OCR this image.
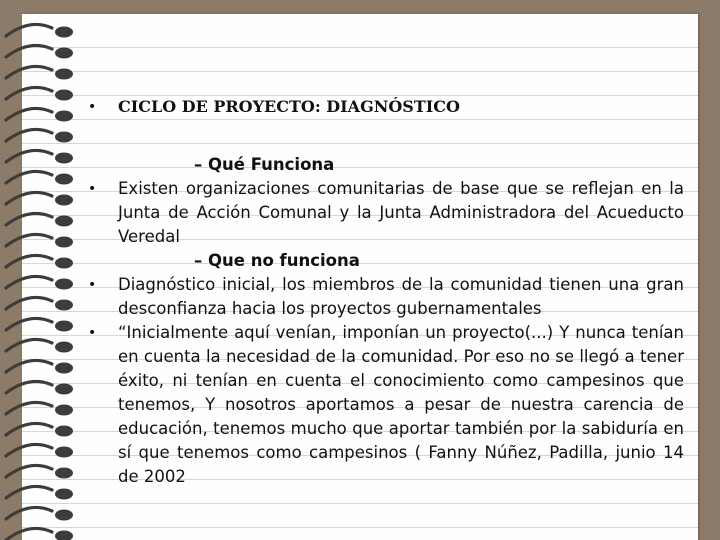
• CICLO DE PROYECTO: DIAGNÓSTICO

– Qué Funciona
• Existen organizaciones comunitarias de base que se reflejan en la Junta de Acción Comunal y la Junta Administradora del Acueducto Veredal

– Que no funciona
• Diagnóstico inicial, los miembros de la comunidad tienen una gran desconfianza hacia los proyectos gubernamentales

• “Inicialmente aquí venían, imponían un proyecto(...) Y nunca tenían en cuenta la necesidad de la comunidad. Por eso no se llegó a tener éxito, ni tenían en cuenta el conocimiento como campesinos que tenemos, Y nosotros aportamos a pesar de nuestra carencia de educación, tenemos mucho que aportar también por la sabiduría en sí que tenemos como campesinos ( Fanny Núñez, Padilla, junio 14 de 2002
